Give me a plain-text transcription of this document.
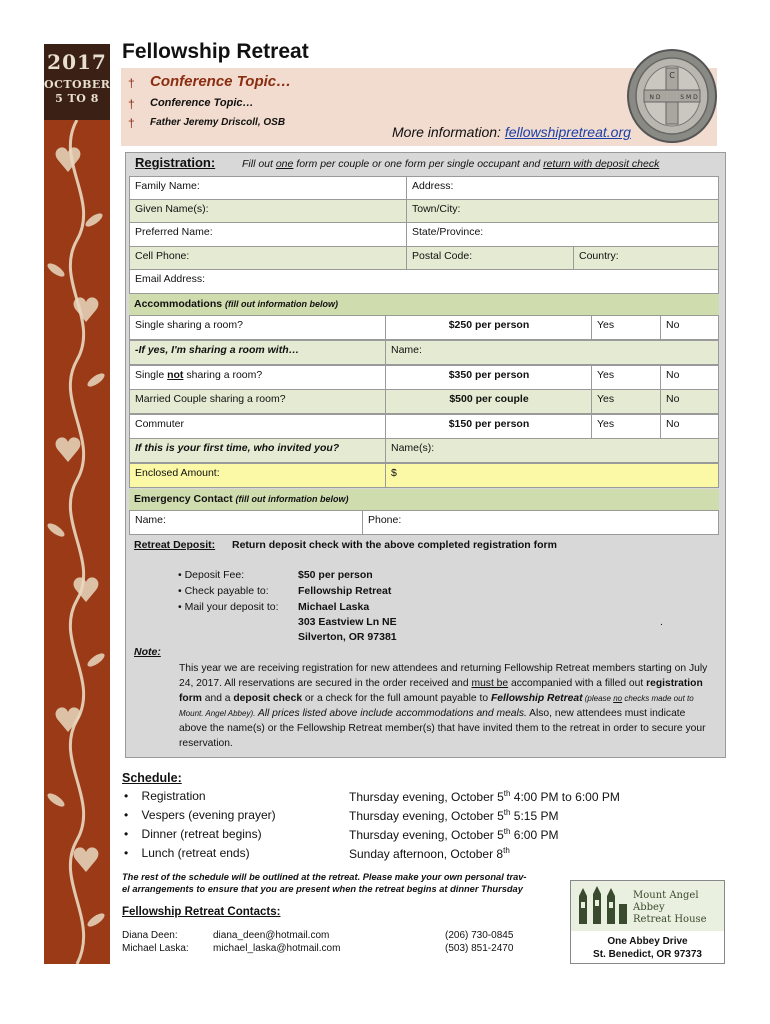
2017
OCTOBER
5 TO 8
Fellowship Retreat
† Conference Topic…
† Conference Topic…
† Father Jeremy Driscoll, OSB
More information: fellowshipretreat.org
C
N D	S M D
Registration:	Fill out one form per couple or one form per single occupant and return with deposit check
Family Name:	Address:
Given Name(s):	Town/City:
Preferred Name:	State/Province:
Cell Phone:	Postal Code:	Country:
Email Address:
Accommodations (fill out information below)
Single sharing a room?	$250 per person	Yes	No
-If yes, I'm sharing a room with…	Name:
Single not sharing a room?	$350 per person	Yes	No
Married Couple sharing a room?	$500 per couple	Yes	No
Commuter	$150 per person	Yes	No
If this is your first time, who invited you?	Name(s):
Enclosed Amount:	$
Emergency Contact (fill out information below)
Name:	Phone:
Retreat Deposit: Return deposit check with the above completed registration form
• Deposit Fee:	$50 per person
• Check payable to:	Fellowship Retreat
• Mail your deposit to: Michael Laska
303 Eastview Ln NE
Silverton, OR 97381
.
Note:
This year we are receiving registration for new attendees and returning Fellowship Retreat members starting on July
24, 2017. All reservations are secured in the order received and must be accompanied with a filled out registration
form and a deposit check or a check for the full amount payable to Fellowship Retreat (please no checks made out to
Mount. Angel Abbey). All prices listed above include accommodations and meals. Also, new attendees must indicate
above the name(s) or the Fellowship Retreat member(s) that have invited them to the retreat in order to secure your
reservation.
Schedule:
•    Registration	Thursday evening, October 5th 4:00 PM to 6:00 PM
•    Vespers (evening prayer)	Thursday evening, October 5th 5:15 PM
•    Dinner (retreat begins)	Thursday evening, October 5th 6:00 PM
•    Lunch (retreat ends)	Sunday afternoon, October 8th
The rest of the schedule will be outlined at the retreat. Please make your own personal trav-
el arrangements to ensure that you are present when the retreat begins at dinner Thursday
Fellowship Retreat Contacts:
Diana Deen:	diana_deen@hotmail.com	(206) 730-0845
Michael Laska: michael_laska@hotmail.com	(503) 851-2470
Mount Angel Abbey
Retreat House
One Abbey Drive
St. Benedict, OR 97373
